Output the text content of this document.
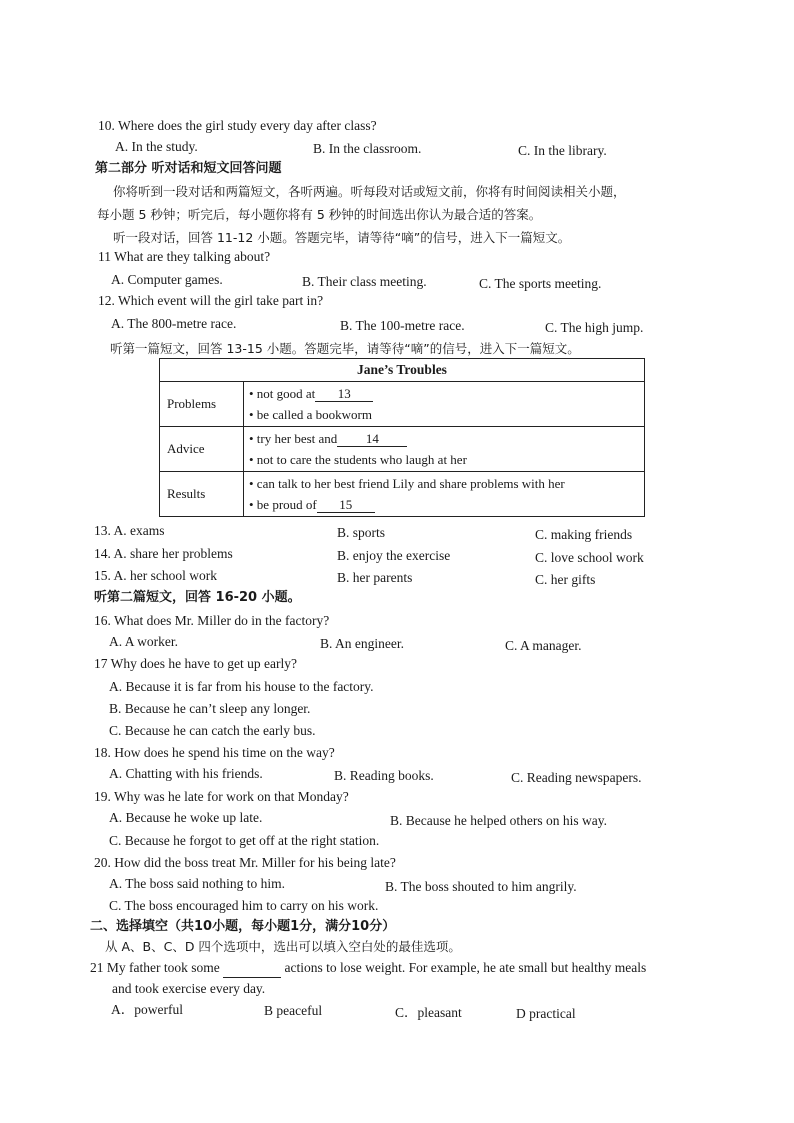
10. Where does the girl study every day after class?
A. In the study.	B. In the classroom.	C. In the library.
第二部分 听对话和短文回答问题
你将听到一段对话和两篇短文，各听两遍。听每段对话或短文前，你将有时间阅读相关小题，
每小题 5 秒钟；听完后，每小题你将有 5 秒钟的时间选出你认为最合适的答案。
听一段对话，回答 11-12 小题。答题完毕，请等待“嘀”的信号，进入下一篇短文。
11 What are they talking about?
A. Computer games.	B. Their class meeting.	C. The sports meeting.
12. Which event will the girl take part in?
A. The 800-metre race.	B. The 100-metre race.	C. The high jump.
听第一篇短文，回答 13-15 小题。答题完毕，请等待“嘀”的信号，进入下一篇短文。
Jane’s Troubles	
Problems	• not good at 13
• be called a bookworm

Advice	• try her best and 14
• not to care the students who laugh at her

Results	• can talk to her best friend Lily and share problems with her
• be proud of 15
13. A. exams	B. sports	C. making friends
14. A. share her problems	B. enjoy the exercise	C. love school work
15. A. her school work	B. her parents	C. her gifts
听第二篇短文，回答 16-20 小题。
16. What does Mr. Miller do in the factory?
A. A worker.	B. An engineer.	C. A manager.
17 Why does he have to get up early?
A. Because it is far from his house to the factory.
B. Because he can’t sleep any longer.
C. Because he can catch the early bus.
18. How does he spend his time on the way?
A. Chatting with his friends.	B. Reading books.	C. Reading newspapers.
19. Why was he late for work on that Monday?
A. Because he woke up late.	B. Because he helped others on his way.
C. Because he forgot to get off at the right station.
20. How did the boss treat Mr. Miller for his being late?
A. The boss said nothing to him.	B. The boss shouted to him angrily.
C. The boss encouraged him to carry on his work.
二、选择填空（共10小题，每小题1分，满分10分）
从 A、B、C、D 四个选项中，选出可以填入空白处的最佳选项。
21 My father took some	actions to lose weight. For example, he ate small but healthy meals
and took exercise every day.
A．powerful	B peaceful	C．pleasant	D practical
